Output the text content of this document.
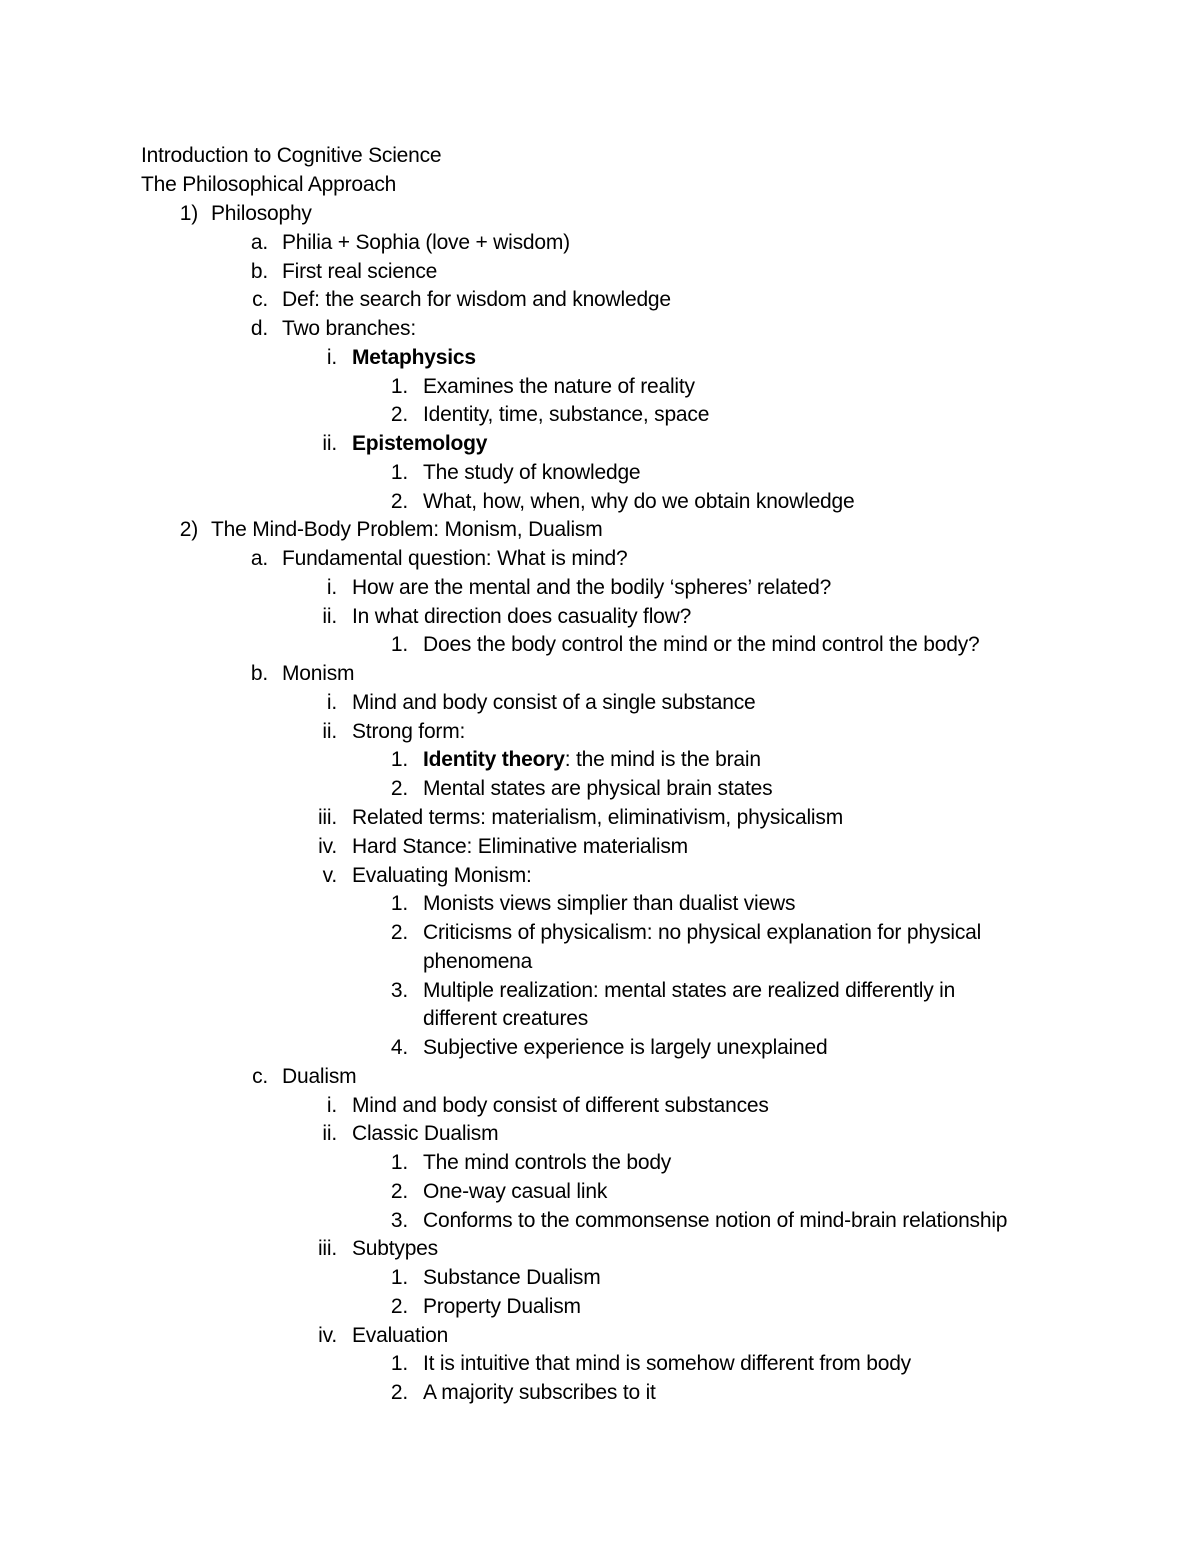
Introduction to Cognitive Science
The Philosophical Approach
1) Philosophy
a. Philia + Sophia (love + wisdom)
b. First real science
c. Def: the search for wisdom and knowledge
d. Two branches:
i. Metaphysics
1. Examines the nature of reality
2. Identity, time, substance, space
ii. Epistemology
1. The study of knowledge
2. What, how, when, why do we obtain knowledge
2) The Mind-Body Problem: Monism, Dualism
a. Fundamental question: What is mind?
i. How are the mental and the bodily ‘spheres’ related?
ii. In what direction does casuality flow?
1. Does the body control the mind or the mind control the body?
b. Monism
i. Mind and body consist of a single substance
ii. Strong form:
1. Identity theory: the mind is the brain
2. Mental states are physical brain states
iii. Related terms: materialism, eliminativism, physicalism
iv. Hard Stance: Eliminative materialism
v. Evaluating Monism:
1. Monists views simplier than dualist views
2. Criticisms of physicalism: no physical explanation for physical
phenomena
3. Multiple realization: mental states are realized differently in
different creatures
4. Subjective experience is largely unexplained
c. Dualism
i. Mind and body consist of different substances
ii. Classic Dualism
1. The mind controls the body
2. One-way casual link
3. Conforms to the commonsense notion of mind-brain relationship
iii. Subtypes
1. Substance Dualism
2. Property Dualism
iv. Evaluation
1. It is intuitive that mind is somehow different from body
2. A majority subscribes to it
